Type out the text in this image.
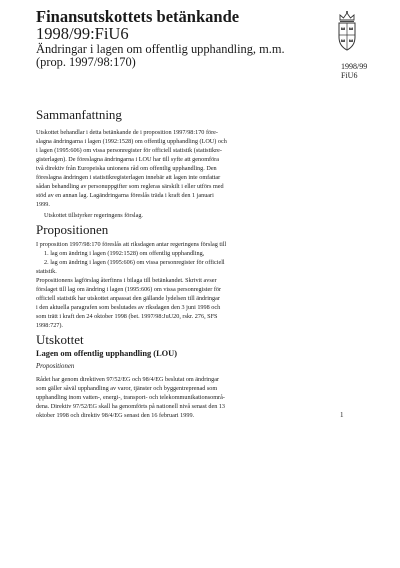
Finansutskottets betänkande
1998/99:FiU6
Ändringar i lagen om offentlig upphandling, m.m.
(prop. 1997/98:170)	1998/99
FiU6
Sammanfattning
Utskottet behandlar i detta betänkande de i proposition 1997/98:170 före-
slagna ändringarna i lagen (1992:1528) om offentlig upphandling (LOU) och
i lagen (1995:606) om vissa personregister för officiell statistik (statistikre-
gisterlagen). De föreslagna ändringarna i LOU har till syfte att genomföra
två direktiv från Europeiska unionens råd om offentlig upphandling. Den
föreslagna ändringen i statistikregisterlagen innebär att lagen inte omfattar
sådan behandling av personuppgifter som regleras särskilt i eller utförs med
stöd av en annan lag. Lagändringarna föreslås träda i kraft den 1 januari
1999.
Utskottet tillstyrker regeringens förslag.
Propositionen
I proposition 1997/98:170 föreslås att riksdagen antar regeringens förslag till
1. lag om ändring i lagen (1992:1528) om offentlig upphandling,
2. lag om ändring i lagen (1995:606) om vissa personregister för officiell
statistik.
Propositionens lagförslag återfinns i bilaga till betänkandet. Skrivit avser
förslaget till lag om ändring i lagen (1995:606) om vissa personregister för
officiell statistik har utskottet anpassat den gällande lydelsen till ändringar
i den aktuella paragrafen som beslutades av riksdagen den 3 juni 1998 och
som trätt i kraft den 24 oktober 1998 (bet. 1997/98:JuU20, rskr. 276, SFS
1998:727).
Utskottet
Lagen om offentlig upphandling (LOU)
Propositionen
Rådet har genom direktiven 97/52/EG och 98/4/EG beslutat om ändringar
som gäller såväl upphandling av varor, tjänster och byggentreprenad som
upphandling inom vatten-, energi-, transport- och telekommunikationsområ-
dena. Direktiv 97/52/EG skall ha genomförts på nationell nivå senast den 13
oktober 1998 och direktiv 98/4/EG senast den 16 februari 1999.	1
